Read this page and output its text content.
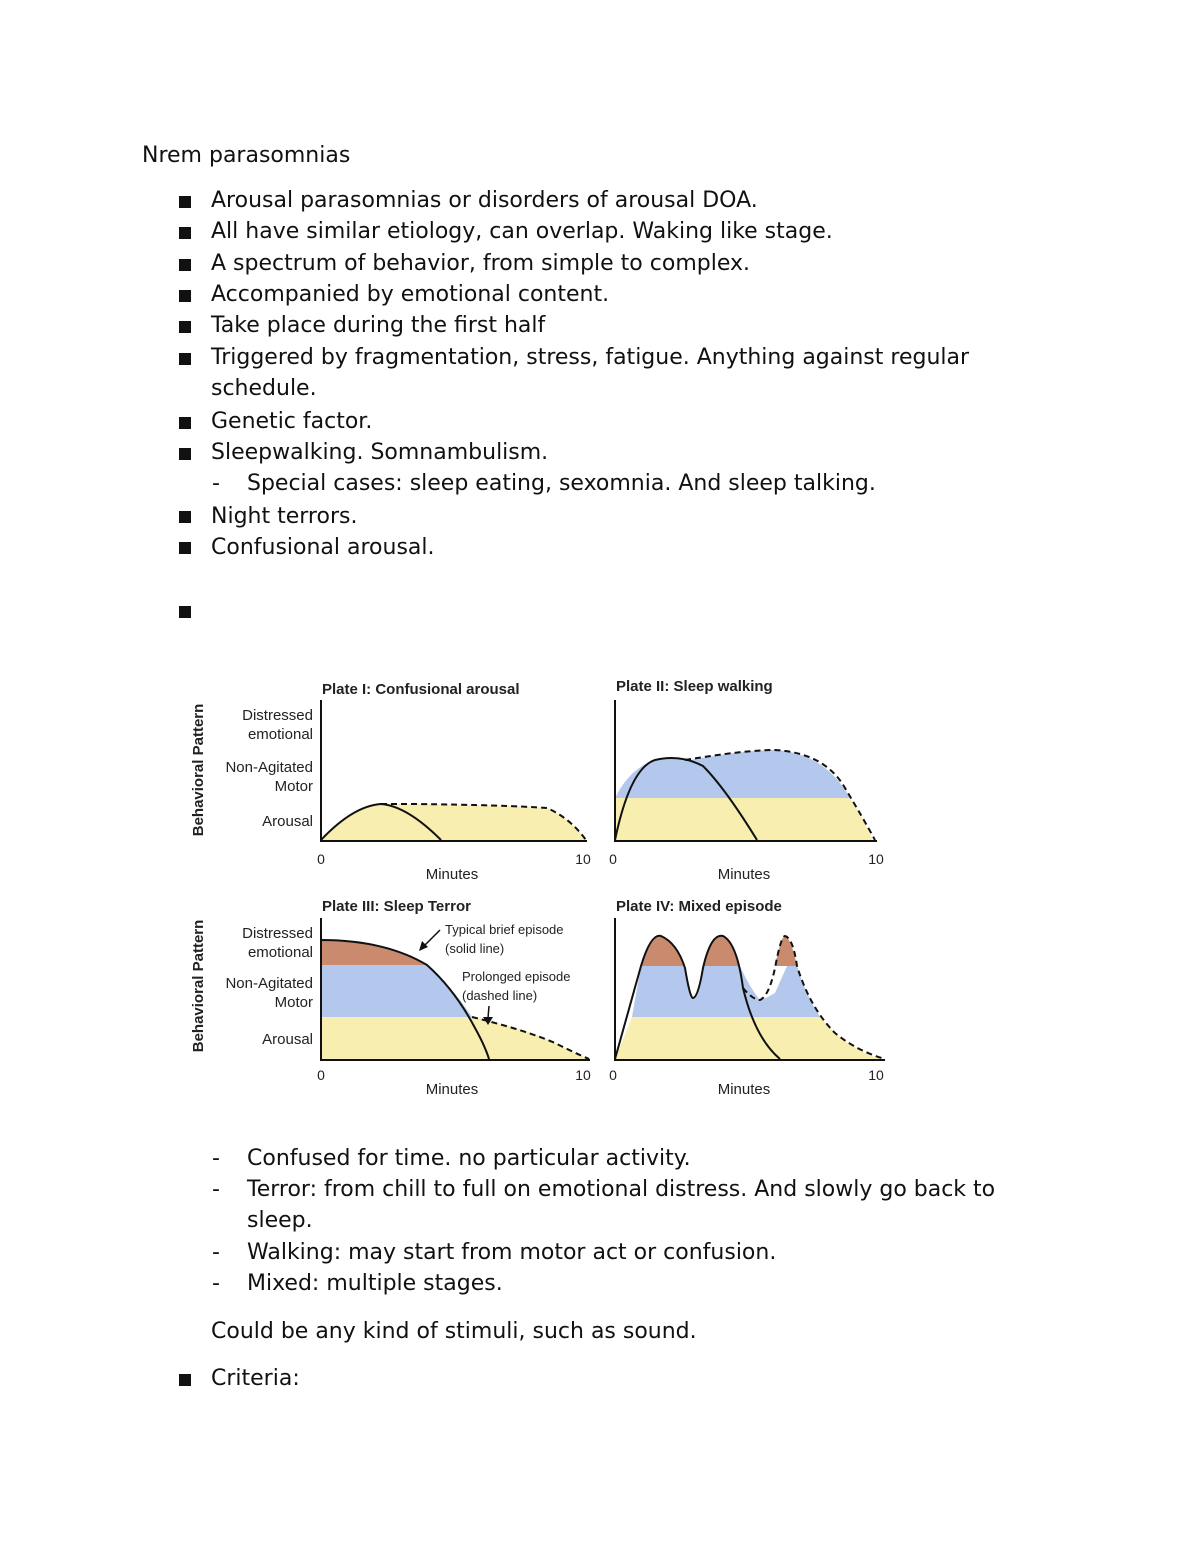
Nrem parasomnias
Arousal parasomnias or disorders of arousal DOA.
All have similar etiology, can overlap. Waking like stage.
A spectrum of behavior, from simple to complex.
Accompanied by emotional content.
Take place during the first half
Triggered by fragmentation, stress, fatigue. Anything against regular
schedule.
Genetic factor.
Sleepwalking. Somnambulism.
- Special cases: sleep eating, sexomnia. And sleep talking.
Night terrors.
Confusional arousal.
Behavioral Pattern
Behavioral Pattern
Distressed
emotional
Non-Agitated
Motor
Arousal
Distressed
emotional
Non-Agitated
Motor
Arousal
Plate I: Confusional arousal
0	10
Minutes
Plate II: Sleep walking
0	10
Minutes
Plate III: Sleep Terror
Typical brief episode
(solid line)
Prolonged episode
(dashed line)
0	10
Minutes
Plate IV: Mixed episode
0	10
Minutes
- Confused for time. no particular activity.
- Terror: from chill to full on emotional distress. And slowly go back to
sleep.
- Walking: may start from motor act or confusion.
- Mixed: multiple stages.
Could be any kind of stimuli, such as sound.
Criteria:
